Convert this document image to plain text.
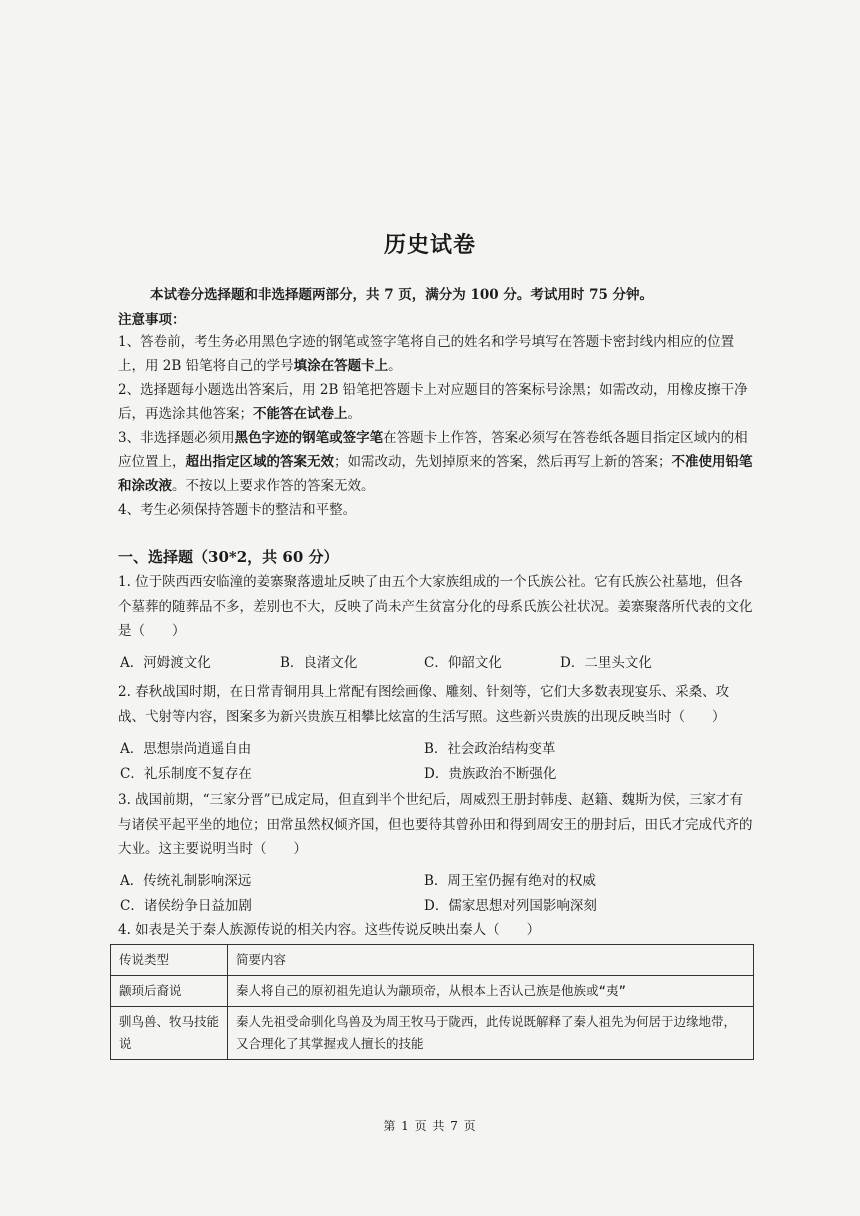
历史试卷
本试卷分选择题和非选择题两部分，共 7 页，满分为 100 分。考试用时 75 分钟。
注意事项：
1、答卷前，考生务必用黑色字迹的钢笔或签字笔将自己的姓名和学号填写在答题卡密封线内相应的位置上，用 2B 铅笔将自己的学号填涂在答题卡上。
2、选择题每小题选出答案后，用 2B 铅笔把答题卡上对应题目的答案标号涂黑；如需改动，用橡皮擦干净后，再选涂其他答案；不能答在试卷上。
3、非选择题必须用黑色字迹的钢笔或签字笔在答题卡上作答，答案必须写在答卷纸各题目指定区域内的相应位置上，超出指定区域的答案无效；如需改动，先划掉原来的答案，然后再写上新的答案；不准使用铅笔和涂改液。不按以上要求作答的答案无效。
4、考生必须保持答题卡的整洁和平整。
一、选择题（30*2，共 60 分）
1. 位于陕西西安临潼的姜寨聚落遗址反映了由五个大家族组成的一个氏族公社。它有氏族公社墓地，但各个墓葬的随葬品不多，差别也不大，反映了尚未产生贫富分化的母系氏族公社状况。姜寨聚落所代表的文化是（　　）
A．河姆渡文化	B．良渚文化	C．仰韶文化	D．二里头文化
2. 春秋战国时期，在日常青铜用具上常配有图绘画像、雕刻、针刻等，它们大多数表现宴乐、采桑、攻战、弋射等内容，图案多为新兴贵族互相攀比炫富的生活写照。这些新兴贵族的出现反映当时（　　）
A．思想崇尚逍遥自由	B．社会政治结构变革
C．礼乐制度不复存在	D．贵族政治不断强化
3. 战国前期，“三家分晋”已成定局，但直到半个世纪后，周威烈王册封韩虔、赵籍、魏斯为侯，三家才有与诸侯平起平坐的地位；田常虽然权倾齐国，但也要待其曾孙田和得到周安王的册封后，田氏才完成代齐的大业。这主要说明当时（　　）
A．传统礼制影响深远	B．周王室仍握有绝对的权威
C．诸侯纷争日益加剧	D．儒家思想对列国影响深刻
4. 如表是关于秦人族源传说的相关内容。这些传说反映出秦人（　　）
传说类型	简要内容
颛顼后裔说	秦人将自己的原初祖先追认为颛顼帝，从根本上否认己族是他族或“夷”
驯鸟兽、牧马技能说	秦人先祖受命驯化鸟兽及为周王牧马于陇西，此传说既解释了秦人祖先为何居于边缘地带，又合理化了其掌握戎人擅长的技能
第 1 页 共 7 页
